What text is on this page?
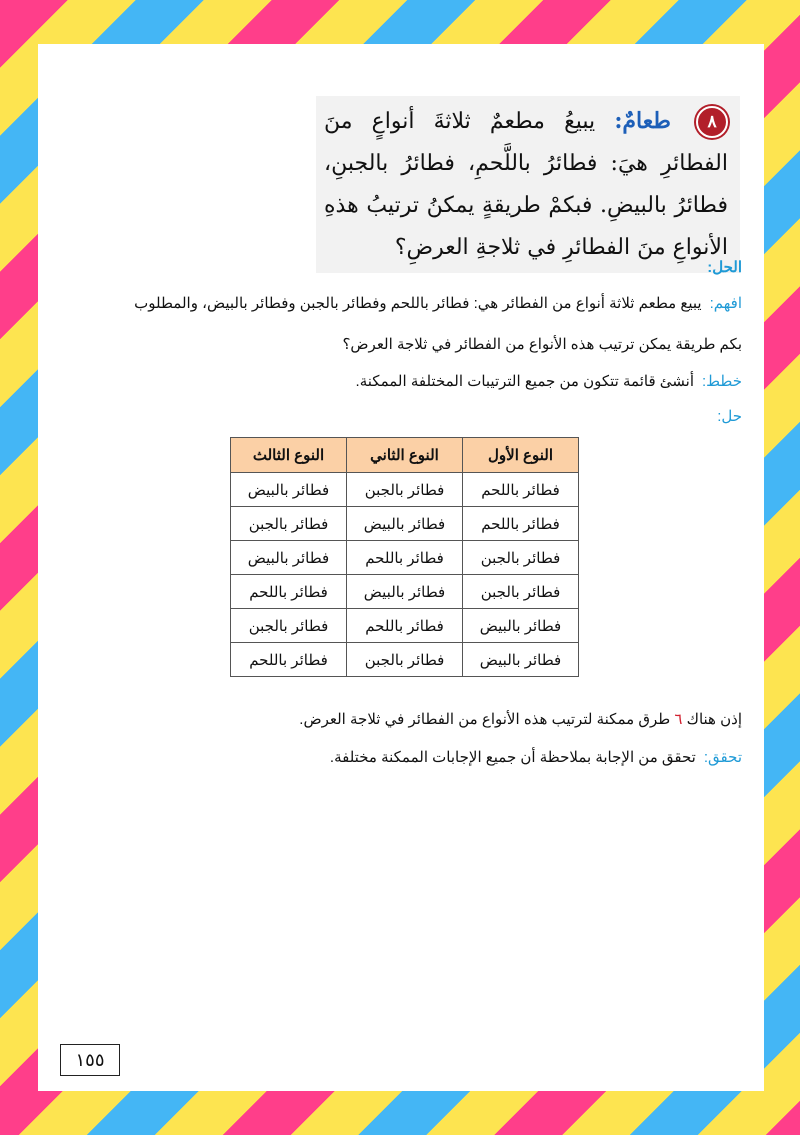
٨ طعامٌ: يبيعُ مطعمٌ ثلاثةَ أنواعٍ منَ الفطائرِ هيَ: فطائرُ باللَّحمِ، فطائرُ بالجبنِ، فطائرُ بالبيضِ. فبكمْ طريقةٍ يمكنُ ترتيبُ هذهِ الأنواعِ منَ الفطائرِ في ثلاجةِ العرضِ؟
الحل:
افهم:يبيع مطعم ثلاثة أنواع من الفطائر هي: فطائر باللحم وفطائر بالجبن وفطائر بالبيض، والمطلوب
بكم طريقة يمكن ترتيب هذه الأنواع من الفطائر في ثلاجة العرض؟
خطط:أنشئ قائمة تتكون من جميع الترتيبات المختلفة الممكنة.
حل:
النوع الأول	النوع الثاني	النوع الثالث
فطائر باللحم	فطائر بالجبن	فطائر بالبيض
فطائر باللحم	فطائر بالبيض	فطائر بالجبن
فطائر بالجبن	فطائر باللحم	فطائر بالبيض
فطائر بالجبن	فطائر بالبيض	فطائر باللحم
فطائر بالبيض	فطائر باللحم	فطائر بالجبن
فطائر بالبيض	فطائر بالجبن	فطائر باللحم
إذن هناك ٦ طرق ممكنة لترتيب هذه الأنواع من الفطائر في ثلاجة العرض.
تحقق:تحقق من الإجابة بملاحظة أن جميع الإجابات الممكنة مختلفة.
١٥٥
